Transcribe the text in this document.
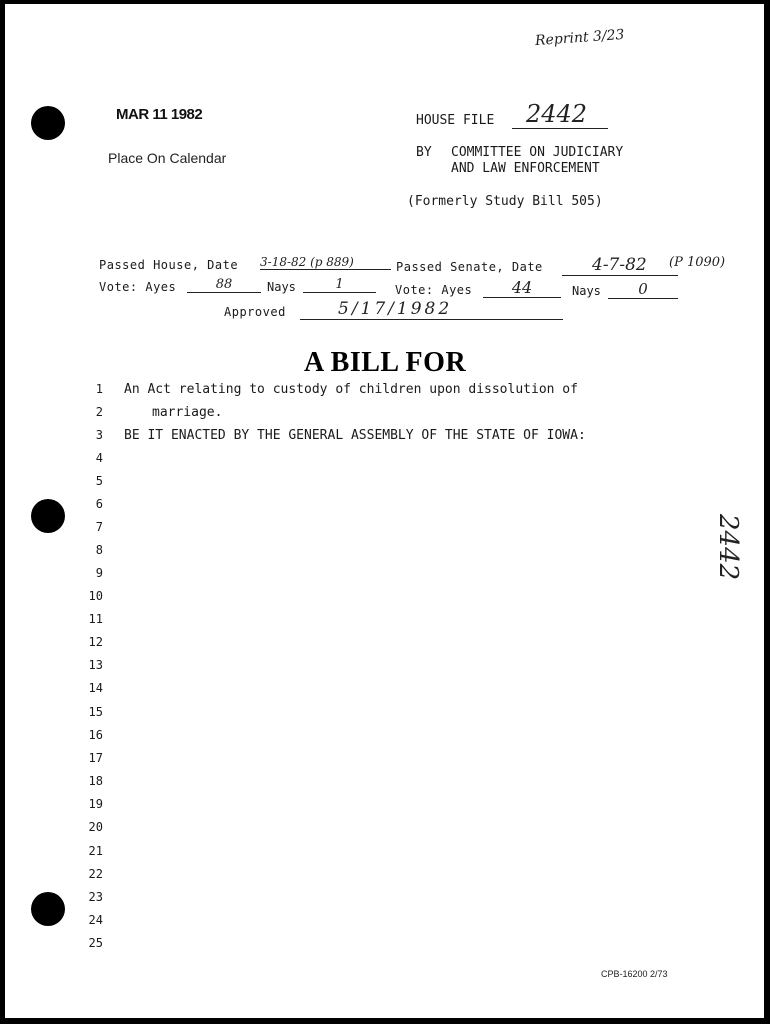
Reprint 3/23
MAR 11 1982
Place On Calendar
HOUSE FILE	2442
BY COMMITTEE ON JUDICIARY
AND LAW ENFORCEMENT
(Formerly Study Bill 505)
Passed House, Date 3-18-82 (p 889)	Passed Senate, Date	4-7-82	(P 1090)
Vote: Ayes	88	Nays	1	Vote: Ayes	44	Nays	0
Approved	5/17/1982
A BILL FOR
An Act relating to custody of children upon dissolution of
marriage.
BE IT ENACTED BY THE GENERAL ASSEMBLY OF THE STATE OF IOWA:
1
2
3
4
5
6
7
8
9
10
11
12
13
14
15
16
17
18
19
20
21
22
23
24
25
2442
CPB-16200 2/73
